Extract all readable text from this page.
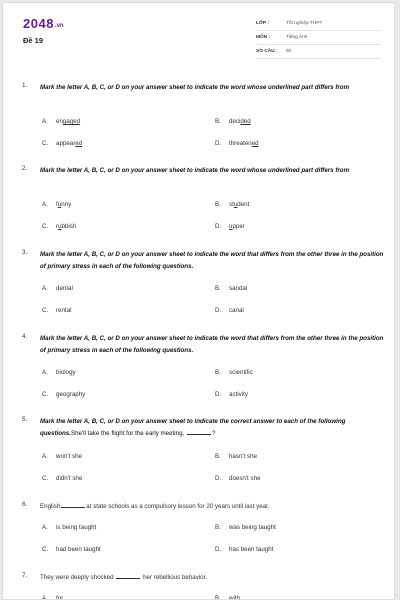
2048.vn
Đề 19
LỚP :	Tốt nghiệp THPT
MÔN :	Tiếng Anh
SỐ CÂU : 50
1. Mark the letter A, B, C, or D on your answer sheet to indicate the word whose underlined part differs from
A. engaged	B. decided
C. appeared	D. threatened
2. Mark the letter A, B, C, or D on your answer sheet to indicate the word whose underlined part differs from
A. funny	B. student
C. rubbish	D. upper
3. Mark the letter A, B, C, or D on your answer sheet to indicate the word that differs from the other three in the position of primary stress in each of the following questions.
A. dental	B. sandal
C. rental	D. canal
4. Mark the letter A, B, C, or D on your answer sheet to indicate the word that differs from the other three in the position of primary stress in each of the following questions.
A. biology	B. scientific
C. geography	D. activity
5. Mark the letter A, B, C, or D on your answer sheet to indicate the correct answer to each of the following questions.She'll take the flight for the early meeting,	?
A. won't she	B. hasn't she
C. didn't she	D. doesn't she
6. English	at state schools as a compulsory lesson for 20 years until last year.
A. is being taught	B. was being taught
C. had been taught	D. has been taught
7. They were deeply shocked	her rebellious behavior.
A. for	B. with
